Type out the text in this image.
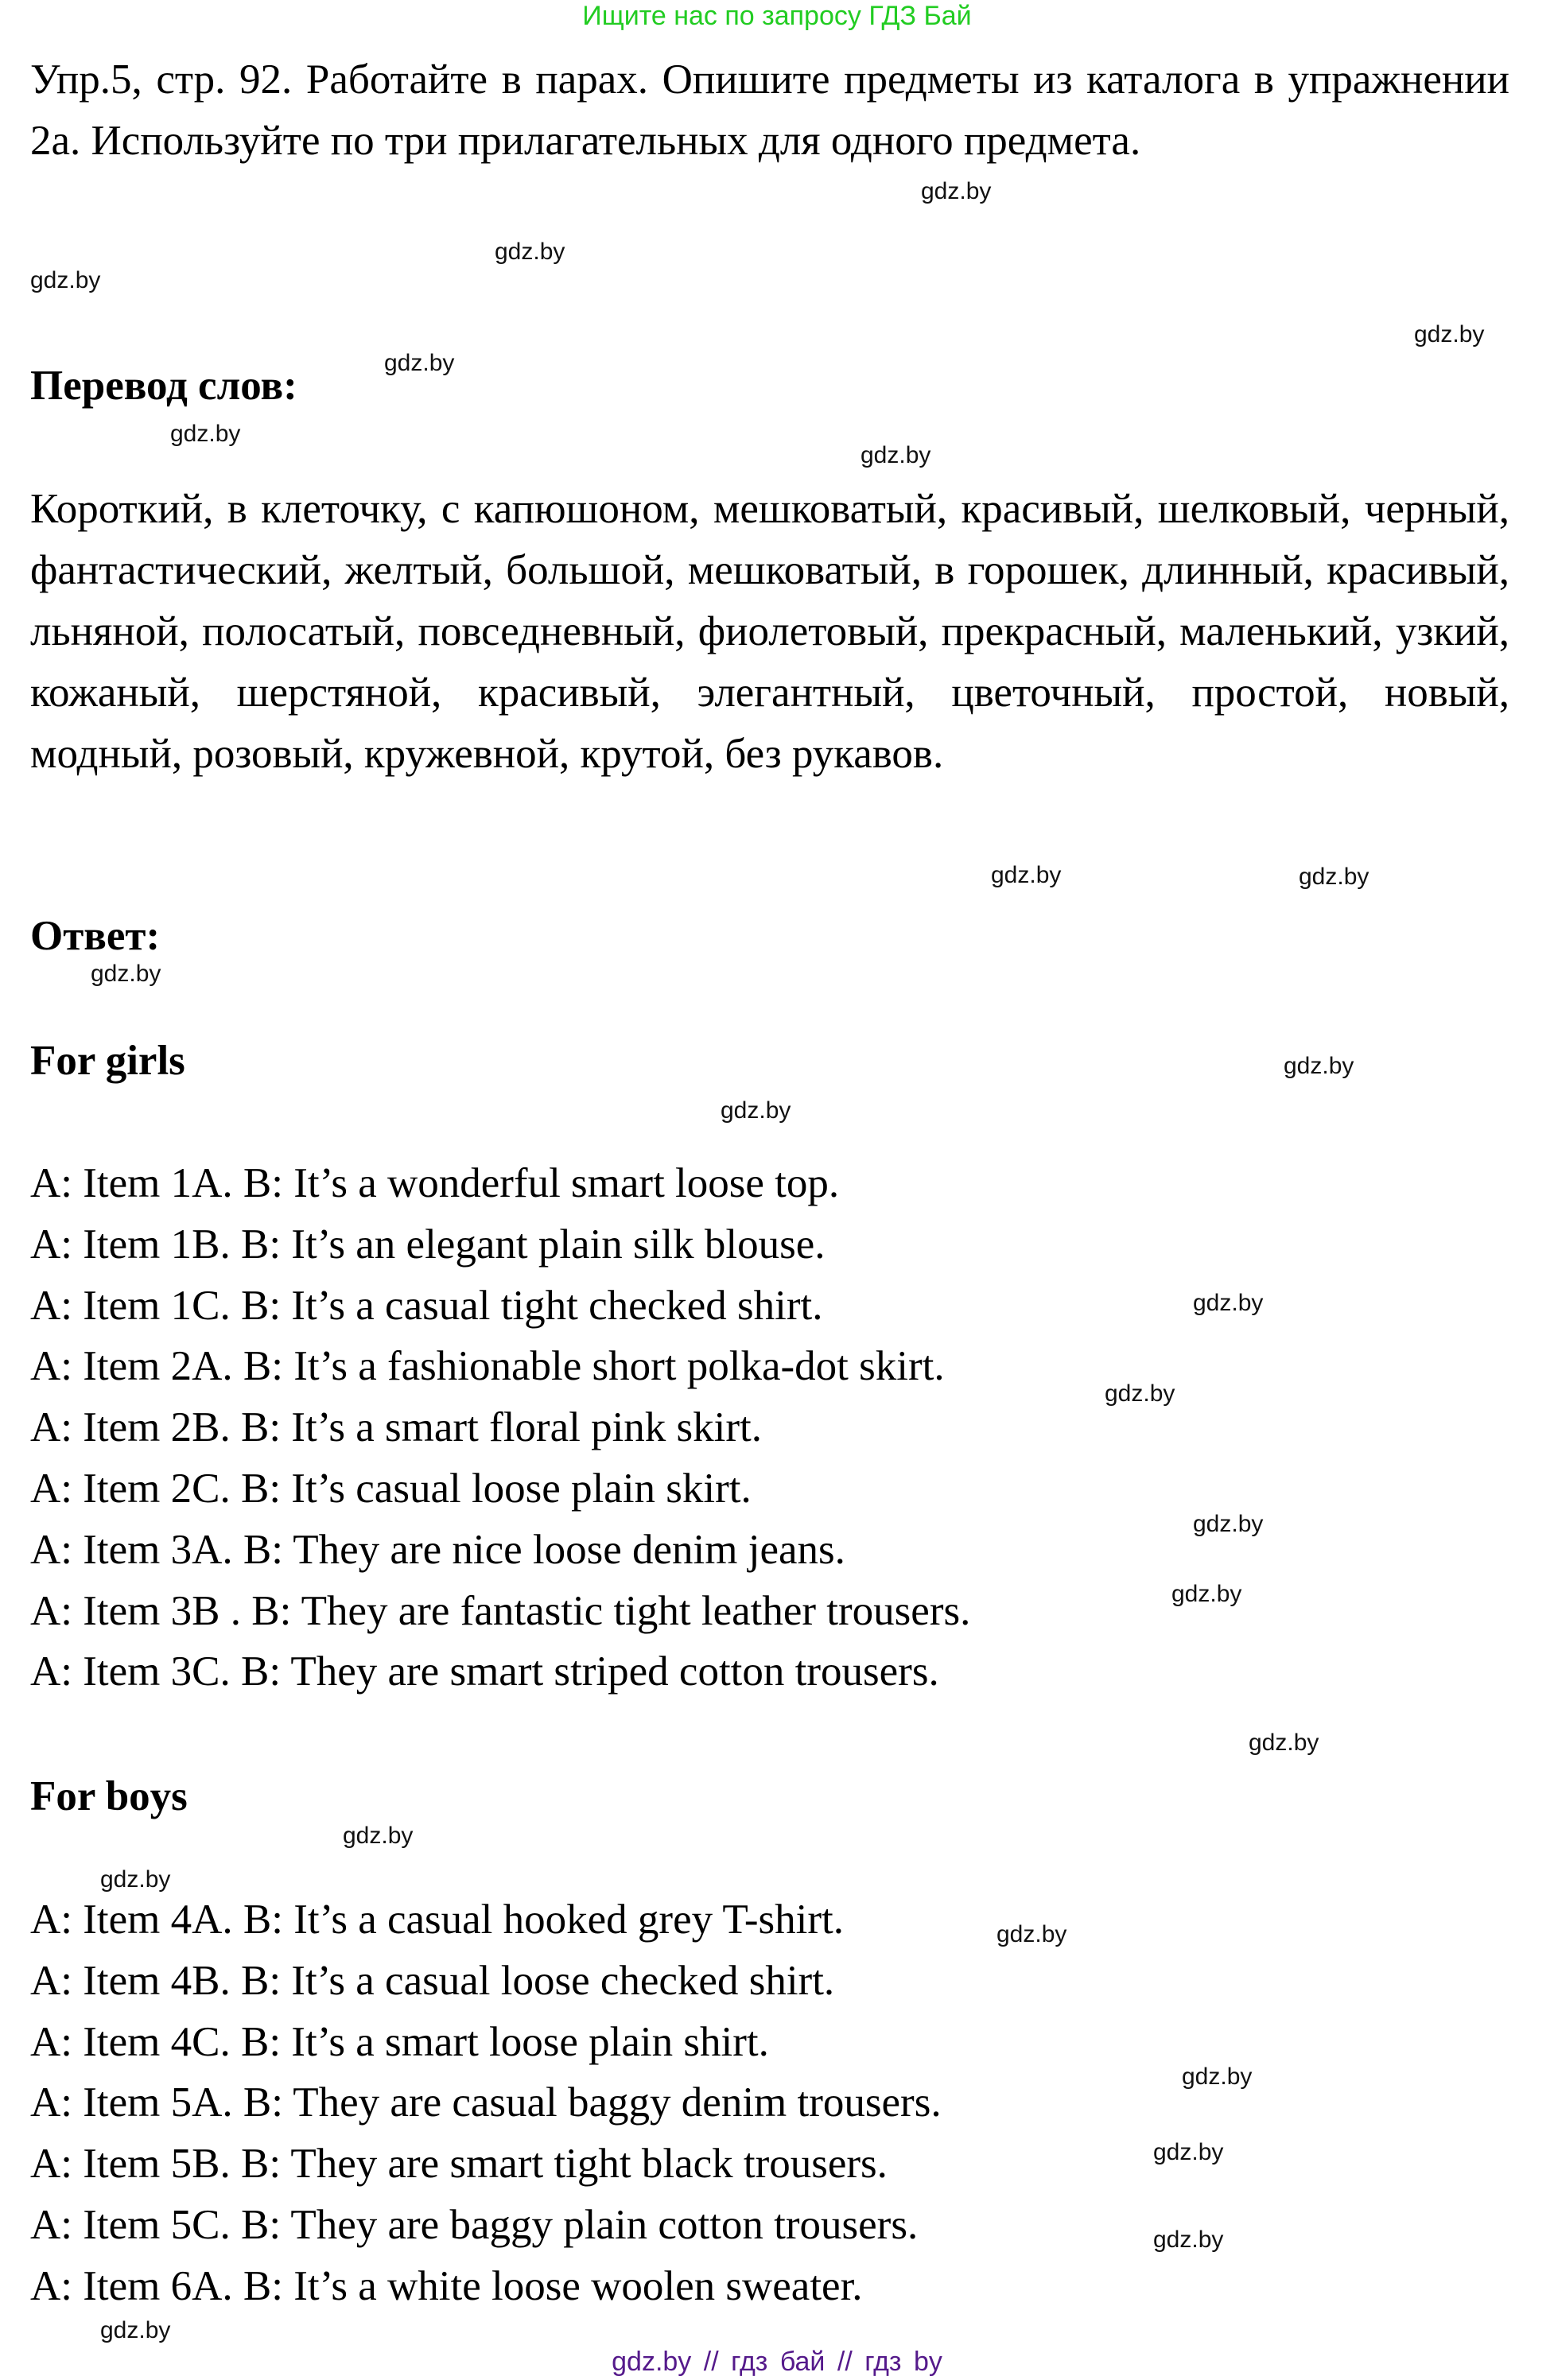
Ищите нас по запросу ГДЗ Бай
Упр.5, стр. 92. Работайте в парах. Опишите предметы из каталога в упражнении 2а. Используйте по три прилагательных для одного предмета.
Перевод слов:
Короткий, в клеточку, с капюшоном, мешковатый, красивый, шелковый, черный, фантастический, желтый, большой, мешковатый, в горошек, длинный, красивый, льняной, полосатый, повседневный, фиолетовый, прекрасный, маленький, узкий, кожаный, шерстяной, красивый, элегантный, цветочный, простой, новый, модный, розовый, кружевной, крутой, без рукавов.
Ответ:
For girls
A: Item 1A. B: It’s a wonderful smart loose top.
A: Item 1B. B: It’s an elegant plain silk blouse.
A: Item 1C. B: It’s a casual tight checked shirt.
A: Item 2A. B: It’s a fashionable short polka-dot skirt.
A: Item 2B. B: It’s a smart floral pink skirt.
A: Item 2C. B: It’s casual loose plain skirt.
A: Item 3A. B: They are nice loose denim jeans.
A: Item 3B . B: They are fantastic tight leather trousers.
A: Item 3C. B: They are smart striped cotton trousers.
For boys
A: Item 4A. B: It’s a casual hooked grey T-shirt.
A: Item 4B. B: It’s a casual loose checked shirt.
A: Item 4C. B: It’s a smart loose plain shirt.
A: Item 5A. B: They are casual baggy denim trousers.
A: Item 5B. B: They are smart tight black trousers.
A: Item 5C. B: They are baggy plain cotton trousers.
A: Item 6A. B: It’s a white loose woolen sweater.
gdz.by
gdz.by
gdz.by
gdz.by
gdz.by
gdz.by
gdz.by
gdz.by
gdz.by
gdz.by
gdz.by
gdz.by
gdz.by
gdz.by
gdz.by
gdz.by
gdz.by
gdz.by
gdz.by
gdz.by
gdz.by
gdz.by
gdz.by
gdz.by
gdz.by // гдз бай // гдз by
